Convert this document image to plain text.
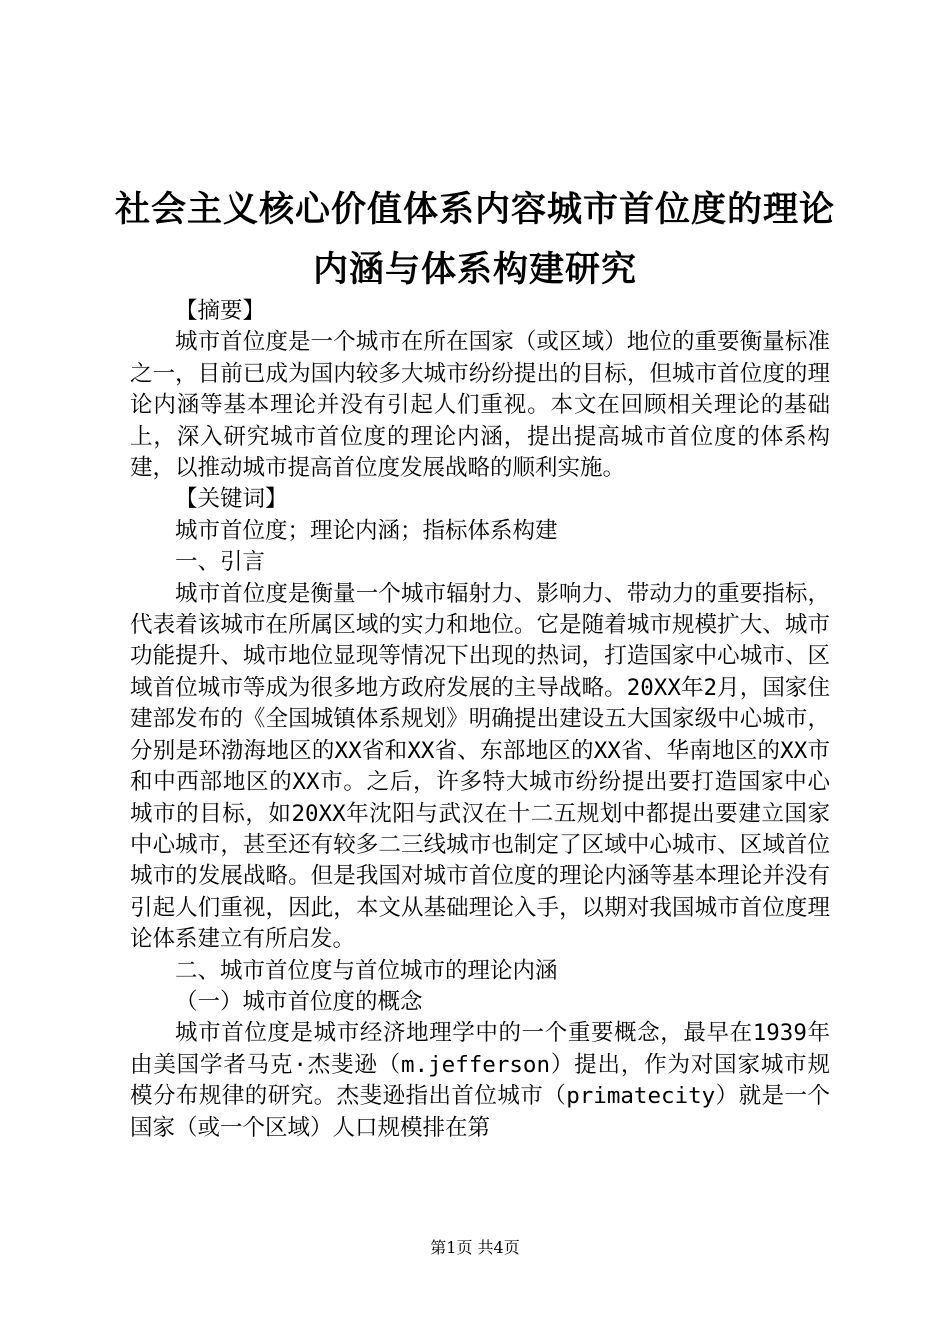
社会主义核心价值体系内容城市首位度的理论
内涵与体系构建研究

【摘要】

城市首位度是一个城市在所在国家（或区域）地位的重要衡量标准之一，目前已成为国内较多大城市纷纷提出的目标，但城市首位度的理论内涵等基本理论并没有引起人们重视。本文在回顾相关理论的基础上，深入研究城市首位度的理论内涵，提出提高城市首位度的体系构建，以推动城市提高首位度发展战略的顺利实施。

【关键词】

城市首位度；理论内涵；指标体系构建

一、引言

城市首位度是衡量一个城市辐射力、影响力、带动力的重要指标，代表着该城市在所属区域的实力和地位。它是随着城市规模扩大、城市功能提升、城市地位显现等情况下出现的热词，打造国家中心城市、区域首位城市等成为很多地方政府发展的主导战略。20XX年2月，国家住建部发布的《全国城镇体系规划》明确提出建设五大国家级中心城市，分别是环渤海地区的XX省和XX省、东部地区的XX省、华南地区的XX市和中西部地区的XX市。之后，许多特大城市纷纷提出要打造国家中心城市的目标，如20XX年沈阳与武汉在十二五规划中都提出要建立国家中心城市，甚至还有较多二三线城市也制定了区域中心城市、区域首位城市的发展战略。但是我国对城市首位度的理论内涵等基本理论并没有引起人们重视，因此，本文从基础理论入手，以期对我国城市首位度理论体系建立有所启发。

二、城市首位度与首位城市的理论内涵

（一）城市首位度的概念

城市首位度是城市经济地理学中的一个重要概念，最早在1939年由美国学者马克·杰斐逊（m.jefferson）提出，作为对国家城市规模分布规律的研究。杰斐逊指出首位城市（primatecity）就是一个国家（或一个区域）人口规模排在第

第1页 共4页
